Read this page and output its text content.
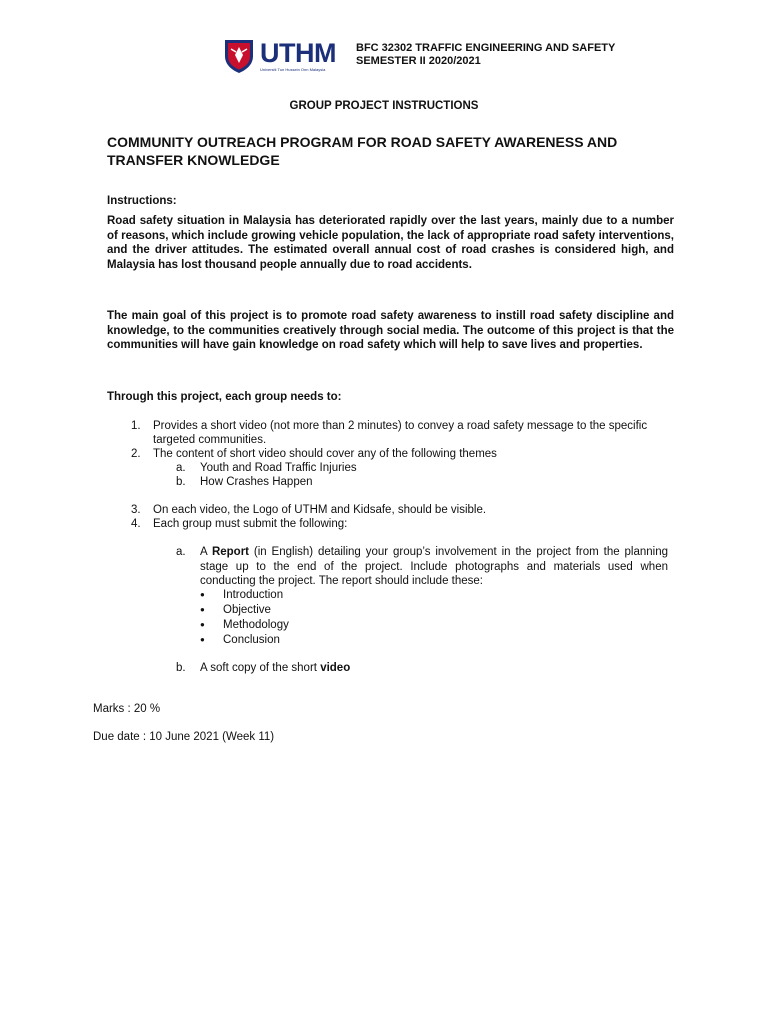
UTHM
Universiti Tun Hussein Onn Malaysia
BFC 32302 TRAFFIC ENGINEERING AND SAFETY
SEMESTER II 2020/2021
GROUP PROJECT INSTRUCTIONS
COMMUNITY OUTREACH PROGRAM FOR ROAD SAFETY AWARENESS AND TRANSFER KNOWLEDGE
Instructions:
Road safety situation in Malaysia has deteriorated rapidly over the last years, mainly due to a number of reasons, which include growing vehicle population, the lack of appropriate road safety interventions, and the driver attitudes. The estimated overall annual cost of road crashes is considered high, and Malaysia has lost thousand people annually due to road accidents.
The main goal of this project is to promote road safety awareness to instill road safety discipline and knowledge, to the communities creatively through social media. The outcome of this project is that the communities will have gain knowledge on road safety which will help to save lives and properties.
Through this project, each group needs to:
1.	Provides a short video (not more than 2 minutes) to convey a road safety message to the specific targeted communities.
2.	The content of short video should cover any of the following themes
a. Youth and Road Traffic Injuries
b. How Crashes Happen
3.	On each video, the Logo of UTHM and Kidsafe, should be visible.
4.	Each group must submit the following:
a. A Report (in English) detailing your group’s involvement in the project from the planning stage up to the end of the project. Include photographs and materials used when conducting the project. The report should include these:
● Introduction
● Objective
● Methodology
● Conclusion
b. A soft copy of the short video
Marks : 20 %
Due date : 10 June 2021 (Week 11)
